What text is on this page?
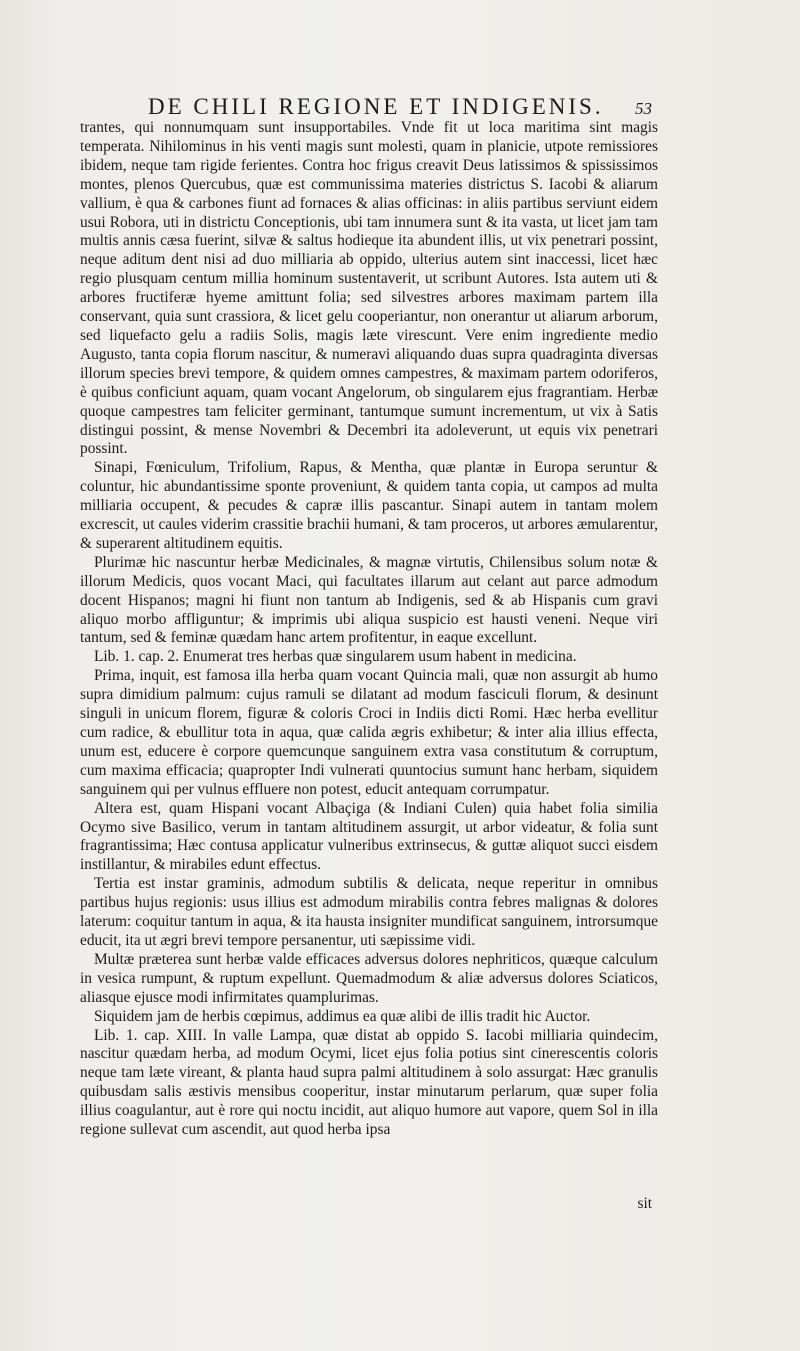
DE CHILI REGIONE ET INDIGENIS. 53

trantes, qui nonnumquam sunt insupportabiles. Vnde fit ut loca maritima sint magis temperata. Nihilominus in his venti magis sunt molesti, quam in planicie, utpote remissiores ibidem, neque tam rigide ferientes. Contra hoc frigus creavit Deus latissimos & spississimos montes, plenos Quercubus, quæ est communissima materies districtus S. Iacobi & aliarum vallium, è qua & carbones fiunt ad fornaces & alias officinas: in aliis partibus serviunt eidem usui Robora, uti in districtu Conceptionis, ubi tam innumera sunt & ita vasta, ut licet jam tam multis annis cæsa fuerint, silvæ & saltus hodieque ita abundent illis, ut vix penetrari possint, neque aditum dent nisi ad duo milliaria ab oppido, ulterius autem sint inaccessi, licet hæc regio plusquam centum millia hominum sustentaverit, ut scribunt Autores. Ista autem uti & arbores fructiferæ hyeme amittunt folia; sed silvestres arbores maximam partem illa conservant, quia sunt crassiora, & licet gelu cooperiantur, non onerantur ut aliarum arborum, sed liquefacto gelu a radiis Solis, magis læte virescunt. Vere enim ingrediente medio Augusto, tanta copia florum nascitur, & numeravi aliquando duas supra quadraginta diversas illorum species brevi tempore, & quidem omnes campestres, & maximam partem odoriferos, è quibus conficiunt aquam, quam vocant Angelorum, ob singularem ejus fragrantiam. Herbæ quoque campestres tam feliciter germinant, tantumque sumunt incrementum, ut vix à Satis distingui possint, & mense Novembri & Decembri ita adoleverunt, ut equis vix penetrari possint.

Sinapi, Fœniculum, Trifolium, Rapus, & Mentha, quæ plantæ in Europa seruntur & coluntur, hic abundantissime sponte proveniunt, & quidem tanta copia, ut campos ad multa milliaria occupent, & pecudes & capræ illis pascantur. Sinapi autem in tantam molem excrescit, ut caules viderim crassitie brachii humani, & tam proceros, ut arbores æmularentur, & superarent altitudinem equitis.

Plurimæ hic nascuntur herbæ Medicinales, & magnæ virtutis, Chilensibus solum notæ & illorum Medicis, quos vocant Maci, qui facultates illarum aut celant aut parce admodum docent Hispanos; magni hi fiunt non tantum ab Indigenis, sed & ab Hispanis cum gravi aliquo morbo affliguntur; & imprimis ubi aliqua suspicio est hausti veneni. Neque viri tantum, sed & feminæ quædam hanc artem profitentur, in eaque excellunt.

Lib. 1. cap. 2. Enumerat tres herbas quæ singularem usum habent in medicina.

Prima, inquit, est famosa illa herba quam vocant Quincia mali, quæ non assurgit ab humo supra dimidium palmum: cujus ramuli se dilatant ad modum fasciculi florum, & desinunt singuli in unicum florem, figuræ & coloris Croci in Indiis dicti Romi. Hæc herba evellitur cum radice, & ebullitur tota in aqua, quæ calida ægris exhibetur; & inter alia illius effecta, unum est, educere è corpore quemcunque sanguinem extra vasa constitutum & corruptum, cum maxima efficacia; quapropter Indi vulnerati quuntocius sumunt hanc herbam, siquidem sanguinem qui per vulnus effluere non potest, educit antequam corrumpatur.

Altera est, quam Hispani vocant Albaçiga (& Indiani Culen) quia habet folia similia Ocymo sive Basilico, verum in tantam altitudinem assurgit, ut arbor videatur, & folia sunt fragrantissima; Hæc contusa applicatur vulneribus extrinsecus, & guttæ aliquot succi eisdem instillantur, & mirabiles edunt effectus.

Tertia est instar graminis, admodum subtilis & delicata, neque reperitur in omnibus partibus hujus regionis: usus illius est admodum mirabilis contra febres malignas & dolores laterum: coquitur tantum in aqua, & ita hausta insigniter mundificat sanguinem, introrsumque educit, ita ut ægri brevi tempore persanentur, uti sæpissime vidi.

Multæ præterea sunt herbæ valde efficaces adversus dolores nephriticos, quæque calculum in vesica rumpunt, & ruptum expellunt. Quemadmodum & aliæ adversus dolores Sciaticos, aliasque ejusce modi infirmitates quamplurimas.

Siquidem jam de herbis cœpimus, addimus ea quæ alibi de illis tradit hic Auctor.

Lib. 1. cap. XIII. In valle Lampa, quæ distat ab oppido S. Iacobi milliaria quindecim, nascitur quædam herba, ad modum Ocymi, licet ejus folia potius sint cinerescentis coloris neque tam læte vireant, & planta haud supra palmi altitudinem à solo assurgat: Hæc granulis quibusdam salis æstivis mensibus cooperitur, instar minutarum perlarum, quæ super folia illius coagulantur, aut è rore qui noctu incidit, aut aliquo humore aut vapore, quem Sol in illa regione sullevat cum ascendit, aut quod herba ipsa

sit
